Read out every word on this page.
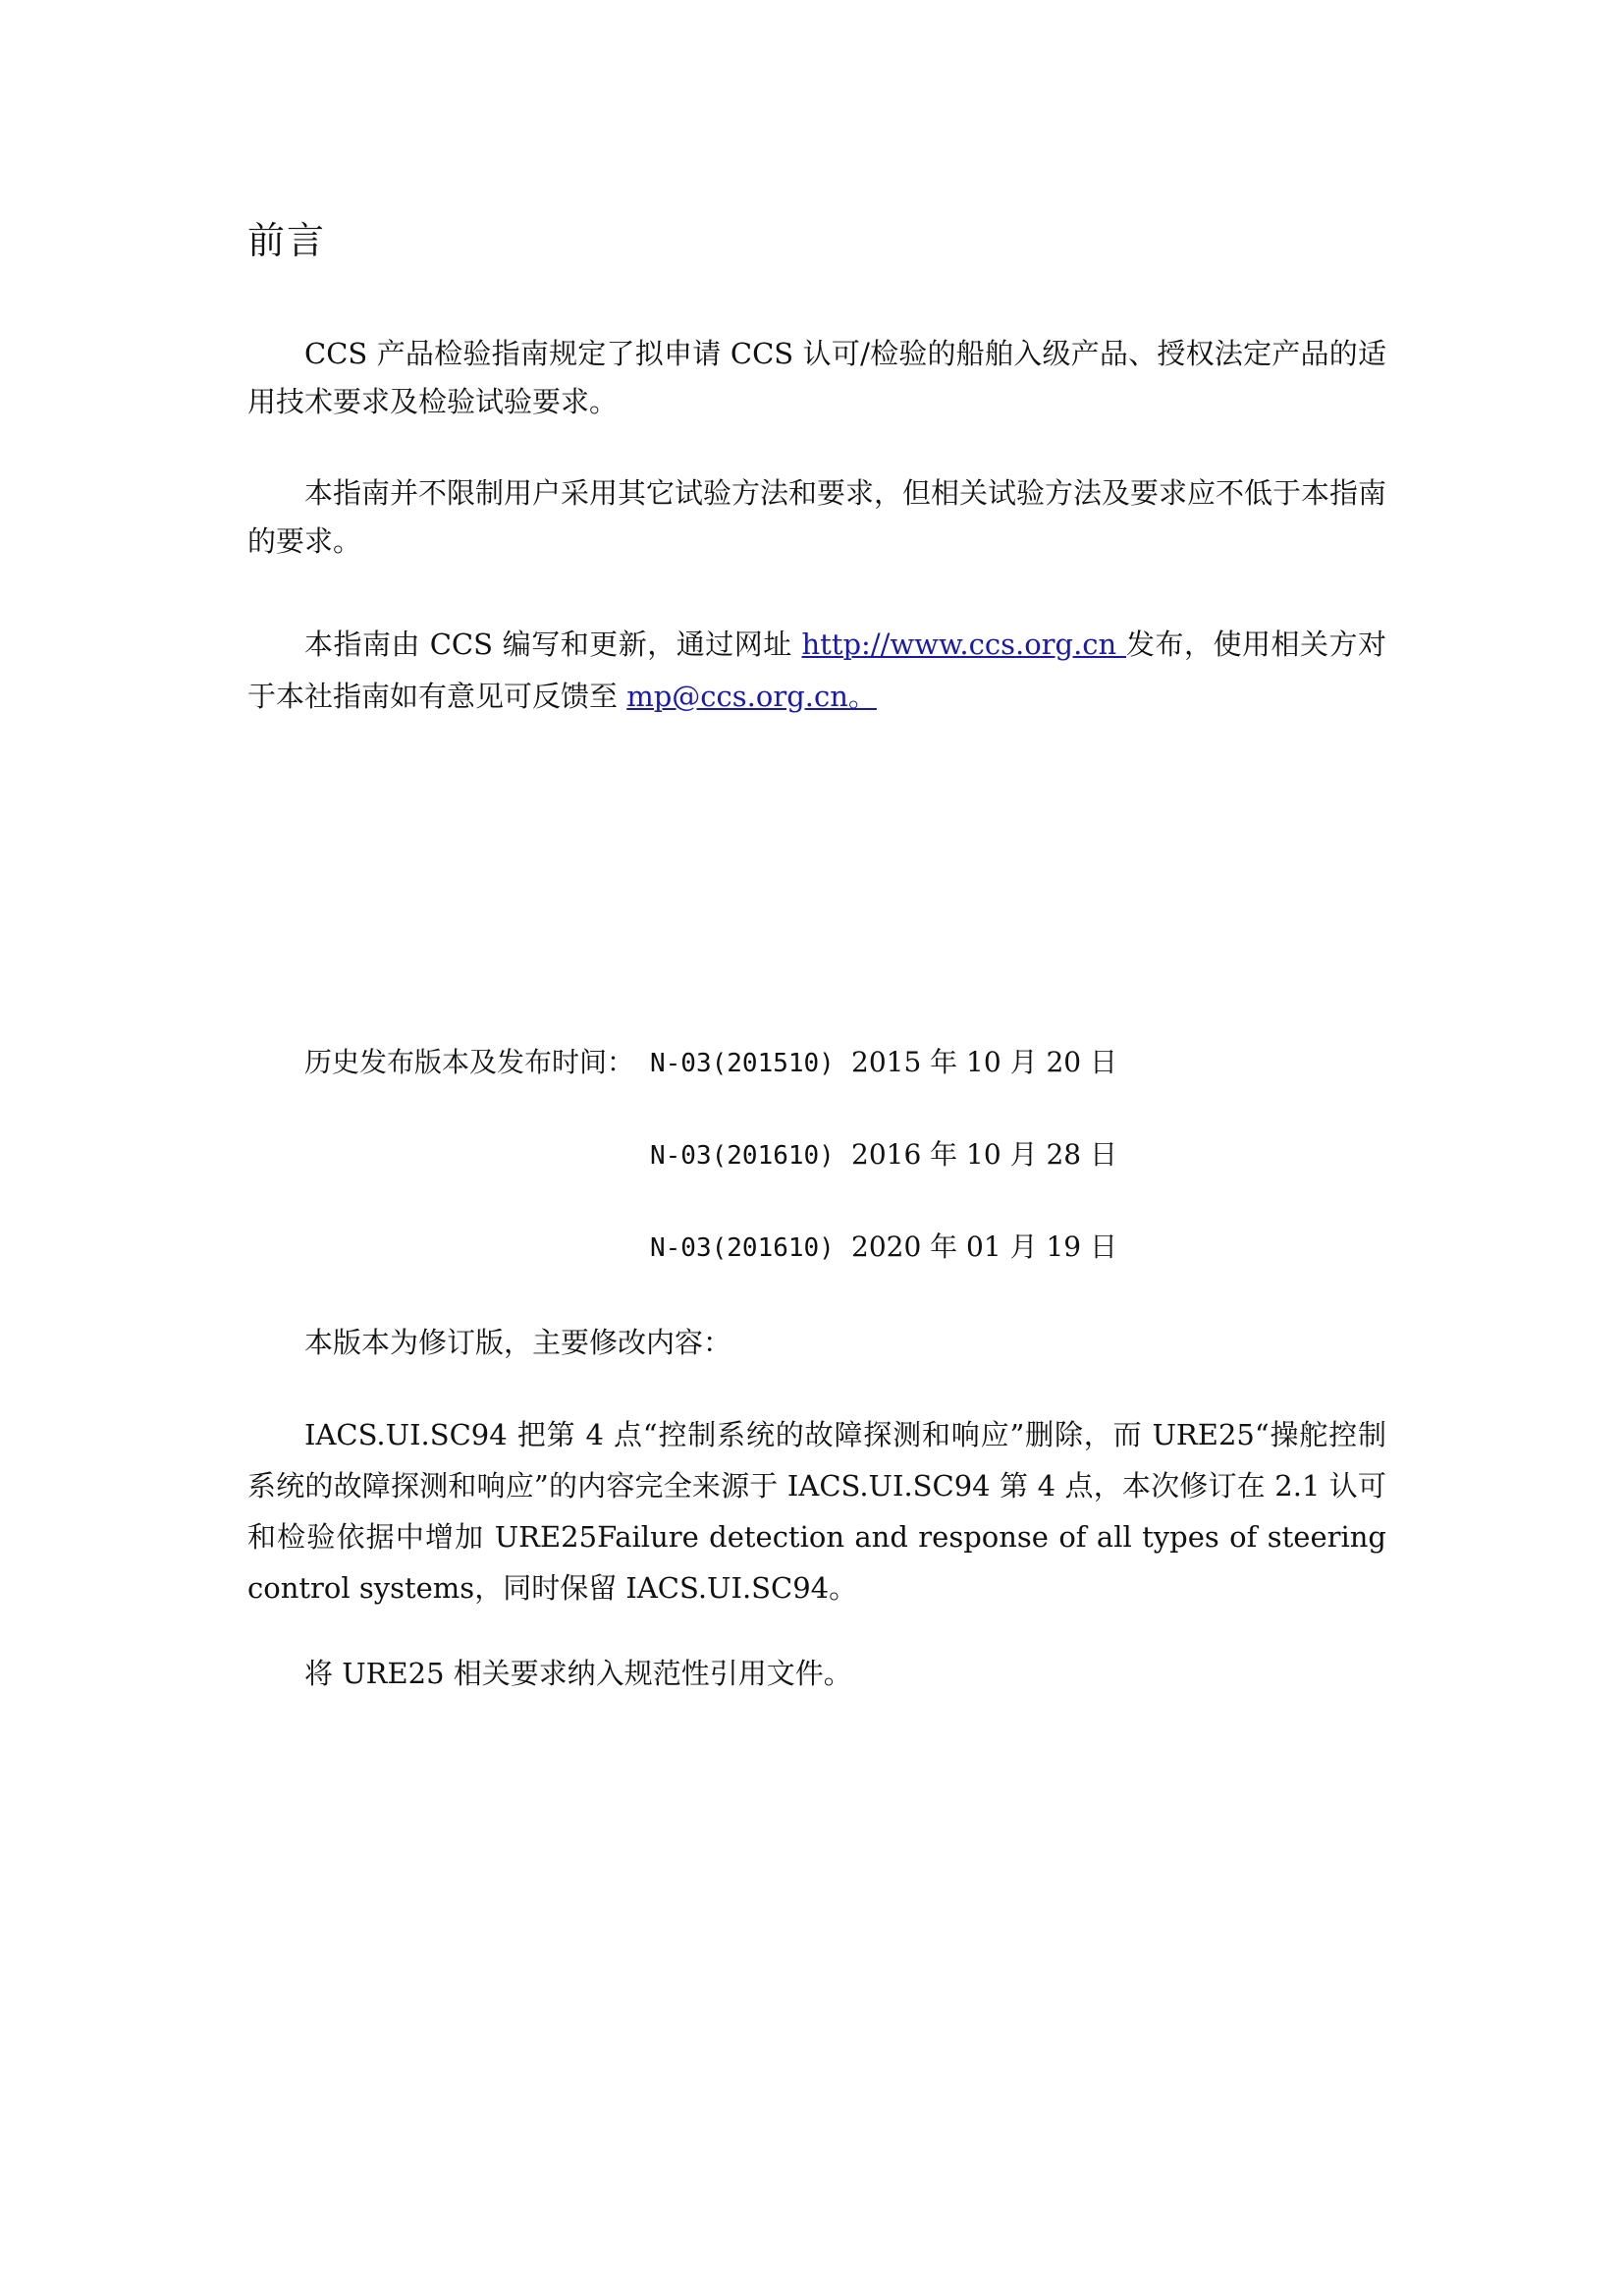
前言

CCS 产品检验指南规定了拟申请 CCS 认可/检验的船舶入级产品、授权法定产品的适用技术要求及检验试验要求。

本指南并不限制用户采用其它试验方法和要求，但相关试验方法及要求应不低于本指南的要求。

本指南由 CCS 编写和更新，通过网址 http://www.ccs.org.cn 发布，使用相关方对于本社指南如有意见可反馈至 mp@ccs.org.cn。

历史发布版本及发布时间： N-03(201510) 2015 年 10 月 20 日
N-03(201610) 2016 年 10 月 28 日
N-03(201610) 2020 年 01 月 19 日

本版本为修订版，主要修改内容：

IACS.UI.SC94 把第 4 点“控制系统的故障探测和响应”删除，而 URE25“操舵控制系统的故障探测和响应”的内容完全来源于 IACS.UI.SC94 第 4 点，本次修订在 2.1 认可和检验依据中增加 URE25Failure detection and response of all types of steering control systems，同时保留 IACS.UI.SC94。

将 URE25 相关要求纳入规范性引用文件。
